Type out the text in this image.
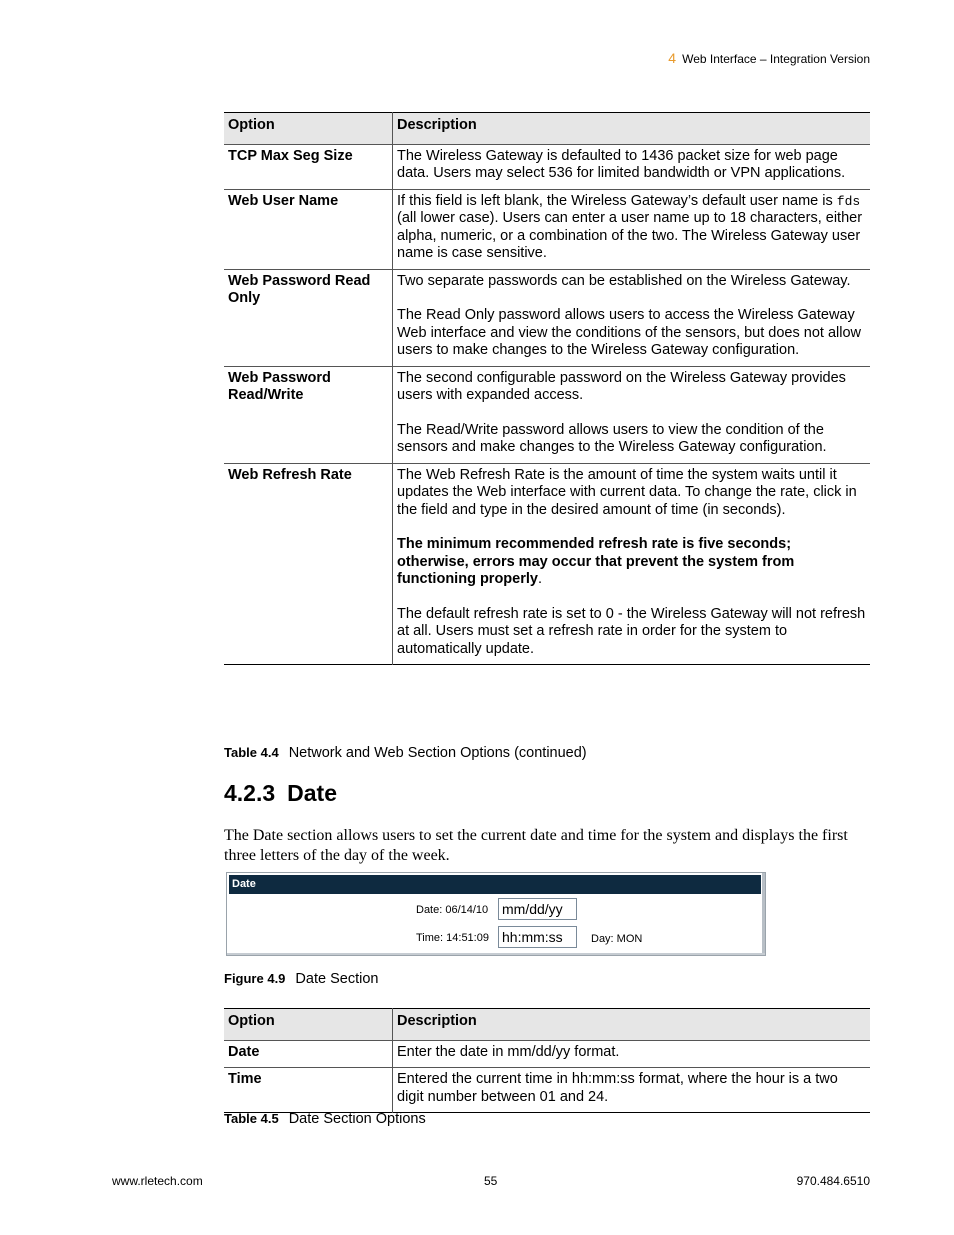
4 Web Interface – Integration Version
Option	Description
TCP Max Seg Size	The Wireless Gateway is defaulted to 1436 packet size for web page data. Users may select 536 for limited bandwidth or VPN applications.

Web User Name	If this field is left blank, the Wireless Gateway’s default user name is fds (all lower case). Users can enter a user name up to 18 characters, either alpha, numeric, or a combination of the two. The Wireless Gateway user name is case sensitive.

Web Password Read Only	Two separate passwords can be established on the Wireless Gateway.

The Read Only password allows users to access the Wireless Gateway Web interface and view the conditions of the sensors, but does not allow users to make changes to the Wireless Gateway configuration.

Web Password Read/Write	The second configurable password on the Wireless Gateway provides users with expanded access.

The Read/Write password allows users to view the condition of the sensors and make changes to the Wireless Gateway configuration.

Web Refresh Rate	The Web Refresh Rate is the amount of time the system waits until it updates the Web interface with current data. To change the rate, click in the field and type in the desired amount of time (in seconds).

The minimum recommended refresh rate is five seconds; otherwise, errors may occur that prevent the system from functioning properly.

The default refresh rate is set to 0 - the Wireless Gateway will not refresh at all. Users must set a refresh rate in order for the system to automatically update.

Table 4.4 Network and Web Section Options (continued)
4.2.3 Date
The Date section allows users to set the current date and time for the system and displays the first three letters of the day of the week.
Date
Date: 06/14/10 mm/dd/yy
Time: 14:51:09 hh:mm:ss	Day: MON
Figure 4.9 Date Section
Option	Description
Date	Enter the date in mm/dd/yy format.
Time	Entered the current time in hh:mm:ss format, where the hour is a two digit number between 01 and 24.
Table 4.5 Date Section Options
www.rletech.com	55	970.484.6510
